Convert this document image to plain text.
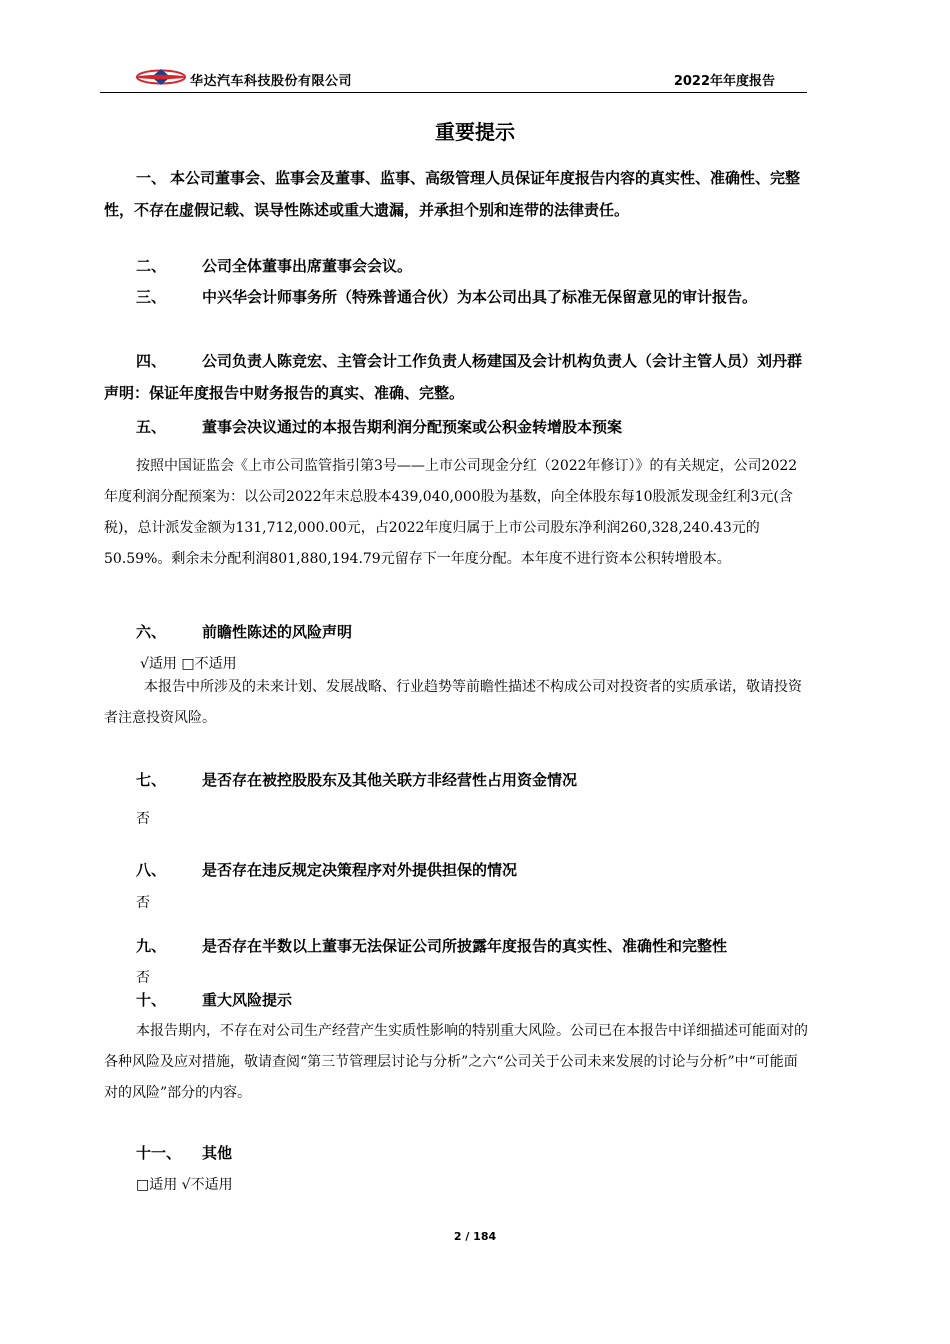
华达汽车科技股份有限公司	2022年年度报告
重要提示
一、 本公司董事会、监事会及董事、监事、高级管理人员保证年度报告内容的真实性、准确性、完整性，不存在虚假记载、误导性陈述或重大遗漏，并承担个别和连带的法律责任。
二、	公司全体董事出席董事会会议。
三、	中兴华会计师事务所（特殊普通合伙）为本公司出具了标准无保留意见的审计报告。
四、	公司负责人陈竞宏、主管会计工作负责人杨建国及会计机构负责人（会计主管人员）刘丹群声明：保证年度报告中财务报告的真实、准确、完整。
五、	董事会决议通过的本报告期利润分配预案或公积金转增股本预案
按照中国证监会《上市公司监管指引第3号——上市公司现金分红（2022年修订）》的有关规定，公司2022年度利润分配预案为：以公司2022年末总股本439,040,000股为基数，向全体股东每10股派发现金红利3元(含税)，总计派发金额为131,712,000.00元，占2022年度归属于上市公司股东净利润260,328,240.43元的50.59%。剩余未分配利润801,880,194.79元留存下一年度分配。本年度不进行资本公积转增股本。
六、	前瞻性陈述的风险声明
√适用 □不适用
本报告中所涉及的未来计划、发展战略、行业趋势等前瞻性描述不构成公司对投资者的实质承诺，敬请投资者注意投资风险。
七、	是否存在被控股股东及其他关联方非经营性占用资金情况
否
八、	是否存在违反规定决策程序对外提供担保的情况
否
九、	是否存在半数以上董事无法保证公司所披露年度报告的真实性、准确性和完整性
否
十、	重大风险提示
本报告期内，不存在对公司生产经营产生实质性影响的特别重大风险。公司已在本报告中详细描述可能面对的各种风险及应对措施，敬请查阅“第三节管理层讨论与分析”之六“公司关于公司未来发展的讨论与分析”中“可能面对的风险”部分的内容。
十一、	其他
□适用 √不适用
2 / 184
